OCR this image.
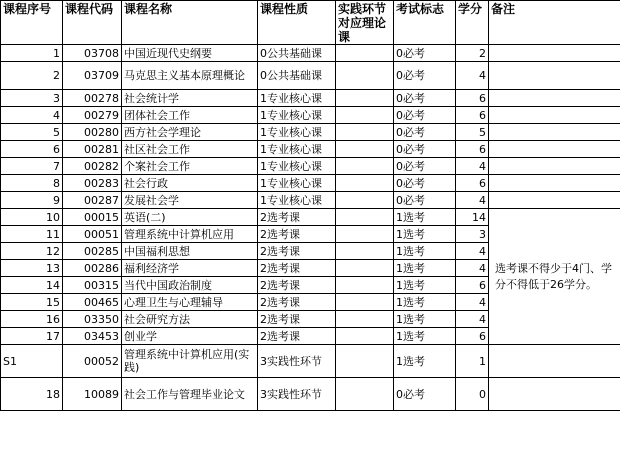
课程序号	课程代码	课程名称	课程性质	实践环节对应理论课	考试标志	学分	备注
1	03708	中国近现代史纲要	0公共基础课		0必考	2	
2	03709	马克思主义基本原理概论	0公共基础课		0必考	4	
3	00278	社会统计学	1专业核心课		0必考	6	
4	00279	团体社会工作	1专业核心课		0必考	6	
5	00280	西方社会学理论	1专业核心课		0必考	5	
6	00281	社区社会工作	1专业核心课		0必考	6	
7	00282	个案社会工作	1专业核心课		0必考	4	
8	00283	社会行政	1专业核心课		0必考	6	
9	00287	发展社会学	1专业核心课		0必考	4	
10	00015	英语(二)	2选考课		1选考	14	选考课不得少于4门、学分不得低于26学分。
11	00051	管理系统中计算机应用	2选考课		1选考	3	
12	00285	中国福利思想	2选考课		1选考	4	
13	00286	福利经济学	2选考课		1选考	4	
14	00315	当代中国政治制度	2选考课		1选考	6	
15	00465	心理卫生与心理辅导	2选考课		1选考	4	
16	03350	社会研究方法	2选考课		1选考	4	
17	03453	创业学	2选考课		1选考	6	
S1	00052	管理系统中计算机应用(实践)	3实践性环节		1选考	1	
18	10089	社会工作与管理毕业论文	3实践性环节		0必考	0	
